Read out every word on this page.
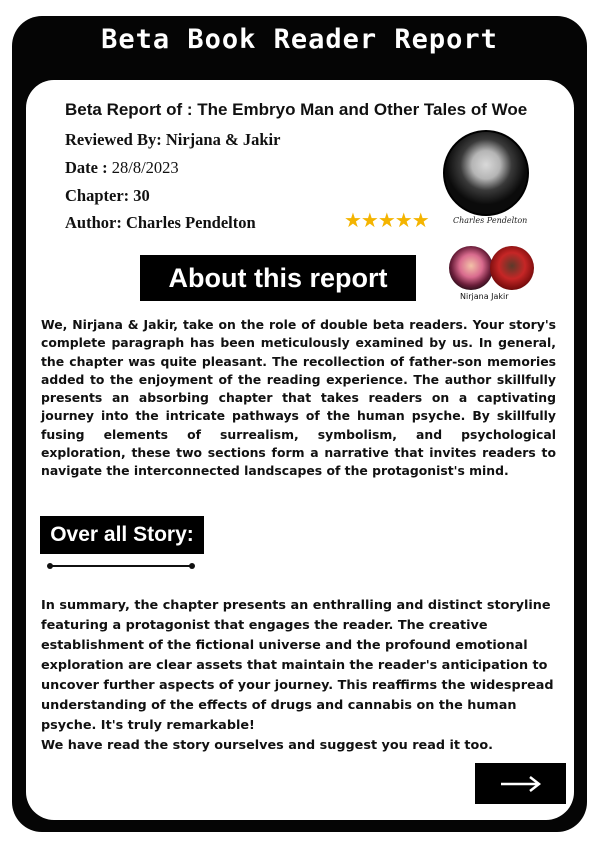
Beta Book Reader Report
Beta Report of : The Embryo Man and Other Tales of Woe
Reviewed By: Nirjana & Jakir
Date : 28/8/2023
Chapter: 30
Author: Charles Pendelton	★★★★★	Charles Pendelton
About this report
Nirjana Jakir
We, Nirjana & Jakir, take on the role of double beta readers. Your story's complete paragraph has been meticulously examined by us. In general, the chapter was quite pleasant. The recollection of father-son memories added to the enjoyment of the reading experience. The author skillfully presents an absorbing chapter that takes readers on a captivating journey into the intricate pathways of the human psyche. By skillfully fusing elements of surrealism, symbolism, and psychological exploration, these two sections form a narrative that invites readers to navigate the interconnected landscapes of the protagonist's mind.
Over all Story:

In summary, the chapter presents an enthralling and distinct storyline featuring a protagonist that engages the reader. The creative establishment of the fictional universe and the profound emotional exploration are clear assets that maintain the reader's anticipation to uncover further aspects of your journey. This reaffirms the widespread understanding of the effects of drugs and cannabis on the human psyche. It's truly remarkable!

We have read the story ourselves and suggest you read it too.
